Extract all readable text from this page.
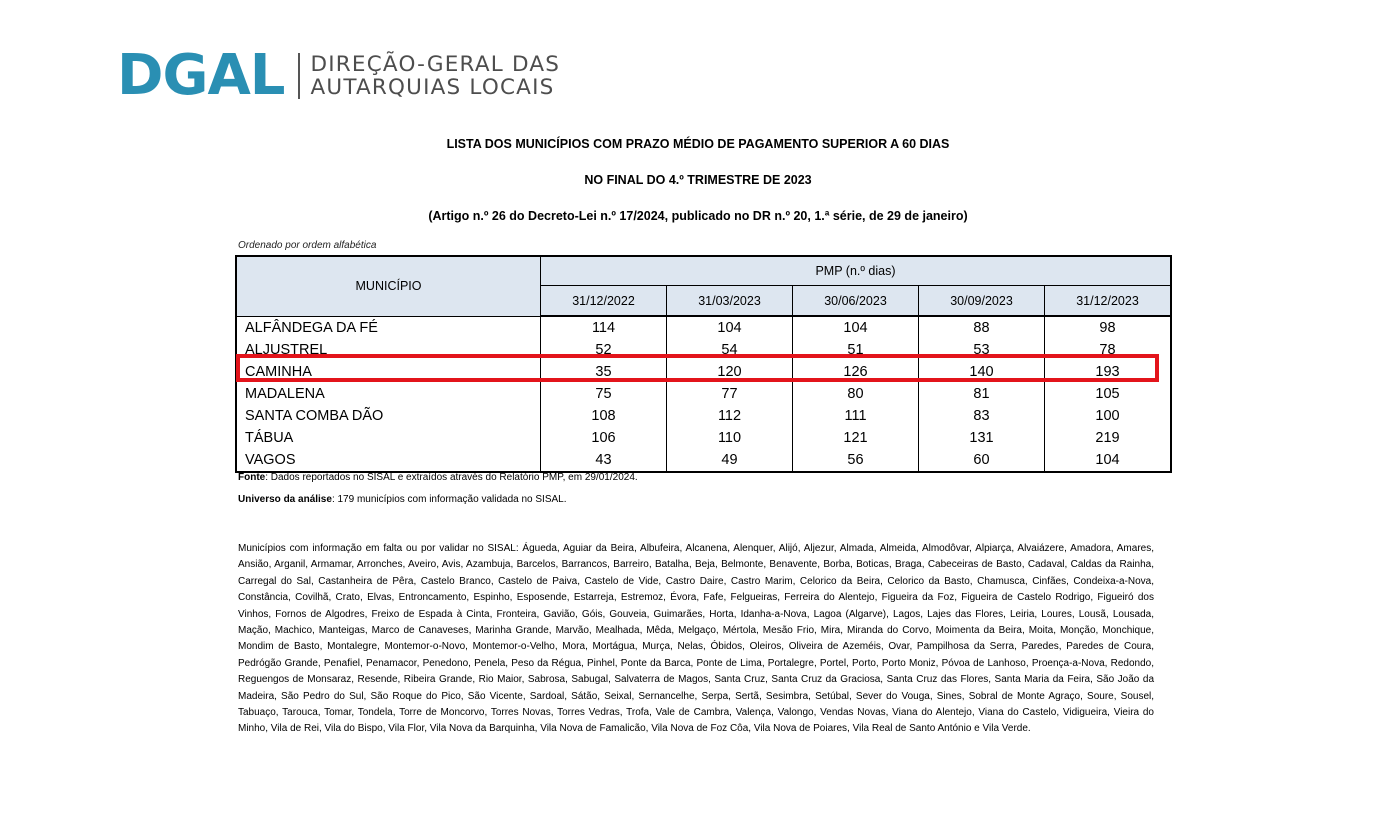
DGAL DIREÇÃO-GERAL DAS
AUTARQUIAS LOCAIS
LISTA DOS MUNICÍPIOS COM PRAZO MÉDIO DE PAGAMENTO SUPERIOR A 60 DIAS
NO FINAL DO 4.º TRIMESTRE DE 2023
(Artigo n.º 26 do Decreto-Lei n.º 17/2024, publicado no DR n.º 20, 1.ª série, de 29 de janeiro)
Ordenado por ordem alfabética
MUNICÍPIO	PMP (n.º dias)				
	31/12/2022	31/03/2023	30/06/2023	30/09/2023	31/12/2023
ALFÂNDEGA DA FÉ	114	104	104	88	98
ALJUSTREL	52	54	51	53	78
CAMINHA	35	120	126	140	193
MADALENA	75	77	80	81	105
SANTA COMBA DÃO	108	112	111	83	100
TÁBUA	106	110	121	131	219
VAGOS	43	49	56	60	104
Fonte: Dados reportados no SISAL e extraídos através do Relatório PMP, em 29/01/2024.
Universo da análise: 179 municípios com informação validada no SISAL.
Municípios com informação em falta ou por validar no SISAL: Águeda, Aguiar da Beira, Albufeira, Alcanena, Alenquer, Alijó, Aljezur, Almada, Almeida, Almodôvar, Alpiarça, Alvaiázere, Amadora, Amares, Ansião, Arganil, Armamar, Arronches, Aveiro, Avis, Azambuja, Barcelos, Barrancos, Barreiro, Batalha, Beja, Belmonte, Benavente, Borba, Boticas, Braga, Cabeceiras de Basto, Cadaval, Caldas da Rainha, Carregal do Sal, Castanheira de Pêra, Castelo Branco, Castelo de Paiva, Castelo de Vide, Castro Daire, Castro Marim, Celorico da Beira, Celorico da Basto, Chamusca, Cinfães, Condeixa-a-Nova, Constância, Covilhã, Crato, Elvas, Entroncamento, Espinho, Esposende, Estarreja, Estremoz, Évora, Fafe, Felgueiras, Ferreira do Alentejo, Figueira da Foz, Figueira de Castelo Rodrigo, Figueiró dos Vinhos, Fornos de Algodres, Freixo de Espada à Cinta, Fronteira, Gavião, Góis, Gouveia, Guimarães, Horta, Idanha-a-Nova, Lagoa (Algarve), Lagos, Lajes das Flores, Leiria, Loures, Lousã, Lousada, Mação, Machico, Manteigas, Marco de Canaveses, Marinha Grande, Marvão, Mealhada, Mêda, Melgaço, Mértola, Mesão Frio, Mira, Miranda do Corvo, Moimenta da Beira, Moita, Monção, Monchique, Mondim de Basto, Montalegre, Montemor-o-Novo, Montemor-o-Velho, Mora, Mortágua, Murça, Nelas, Óbidos, Oleiros, Oliveira de Azeméis, Ovar, Pampilhosa da Serra, Paredes, Paredes de Coura, Pedrógão Grande, Penafiel, Penamacor, Penedono, Penela, Peso da Régua, Pinhel, Ponte da Barca, Ponte de Lima, Portalegre, Portel, Porto, Porto Moniz, Póvoa de Lanhoso, Proença-a-Nova, Redondo, Reguengos de Monsaraz, Resende, Ribeira Grande, Rio Maior, Sabrosa, Sabugal, Salvaterra de Magos, Santa Cruz, Santa Cruz da Graciosa, Santa Cruz das Flores, Santa Maria da Feira, São João da Madeira, São Pedro do Sul, São Roque do Pico, São Vicente, Sardoal, Sátão, Seixal, Sernancelhe, Serpa, Sertã, Sesimbra, Setúbal, Sever do Vouga, Sines, Sobral de Monte Agraço, Soure, Sousel, Tabuaço, Tarouca, Tomar, Tondela, Torre de Moncorvo, Torres Novas, Torres Vedras, Trofa, Vale de Cambra, Valença, Valongo, Vendas Novas, Viana do Alentejo, Viana do Castelo, Vidigueira, Vieira do Minho, Vila de Rei, Vila do Bispo, Vila Flor, Vila Nova da Barquinha, Vila Nova de Famalicão, Vila Nova de Foz Côa, Vila Nova de Poiares, Vila Real de Santo António e Vila Verde.
